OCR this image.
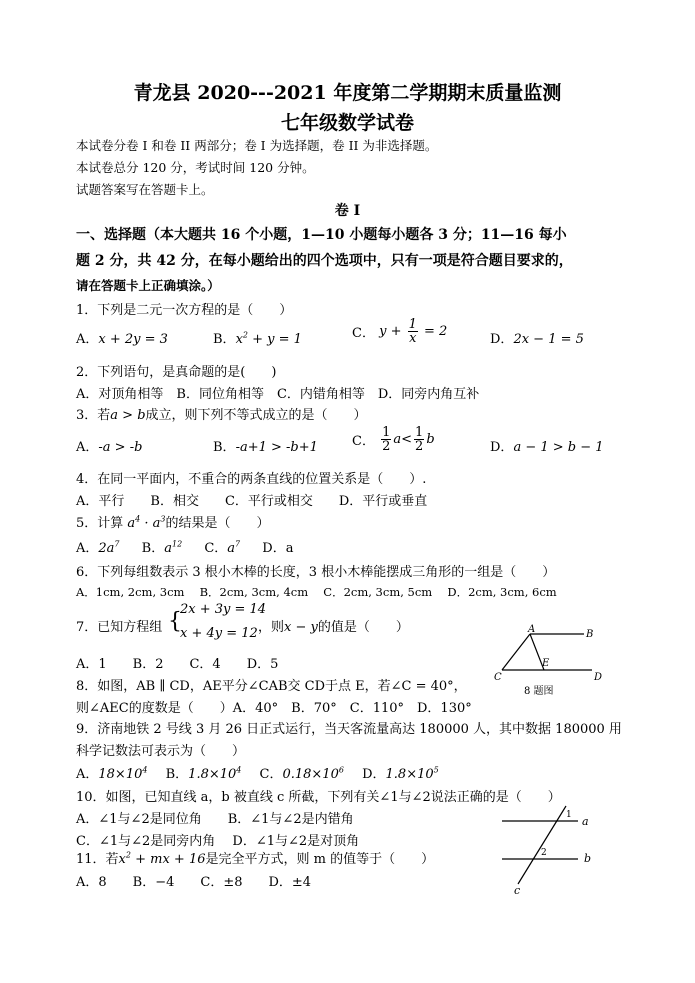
青龙县 2020---2021 年度第二学期期末质量监测
七年级数学试卷
本试卷分卷 I 和卷 II 两部分；卷 I 为选择题，卷 II 为非选择题。
本试卷总分 120 分，考试时间 120 分钟。
试题答案写在答题卡上。
卷 I
一、选择题（本大题共 16 个小题，1—10 小题每小题各 3 分；11—16 每小
题 2 分，共 42 分，在每小题给出的四个选项中，只有一项是符合题目要求的，
请在答题卡上正确填涂。）
1．下列是二元一次方程的是（　　）
A．x + 2y = 3	B．$x^2 + y = 1$	C． $y + \frac{1}{x} = 2$
D．2x − 1 = 5
2．下列语句，是真命题的是(　　)
A．对顶角相等　B．同位角相等　C．内错角相等　D．同旁内角互补
3．若a > b成立，则下列不等式成立的是（　　）
A．-a > -b	B．-a+1 > -b+1	C． $\frac{1}{2} a< \frac{1}{2}$ b
D．a − 1 > b − 1
4．在同一平面内，不重合的两条直线的位置关系是（　　）.
A．平行　　B．相交　　C．平行或相交　　D．平行或垂直
5．计算 $a^4 \cdot a^3$的结果是（　　）
A．$2a^7$ B．$a^{12}$ C．$a^7$ D．a
6．下列每组数表示 3 根小木棒的长度，3 根小木棒能摆成三角形的一组是（　　）
A．1cm, 2cm, 3cm　 B．2cm, 3cm, 4cm　 C．2cm, 3cm, 5cm　 D．2cm, 3cm, 6cm
7．已知方程组 {
2x + 3y = 14
x + 4y = 12 ，则x − y的值是（　　）
A．1　　B．2　　C．4　　D．5
8．如图，AB ∥ CD，AE平分∠CAB交 CD于点 E，若∠C = 40°，
则∠AEC的度数是（　　）A．40°　B．70°　C．110°　D．130°
A	B
C
E
D
8 题图
9．济南地铁 2 号线 3 月 26 日正式运行，当天客流量高达 180000 人，其中数据 180000 用
科学记数法可表示为（　　）
A．$18\times 10^4$ B．$1.8\times 10^4$ C．$0.18\times 10^6$ D．$1.8\times 10^5$
10．如图，已知直线 a，b 被直线 c 所截，下列有关∠1与∠2说法正确的是（　　）
A．∠1与∠2是同位角　　B．∠1与∠2是内错角
C．∠1与∠2是同旁内角　 D．∠1与∠2是对顶角
a
b
c
1
2
11．若$x^2$ + mx + 16是完全平方式，则 m 的值等于（　　）
A．8　　B．−4　　C．±8　　D．±4
